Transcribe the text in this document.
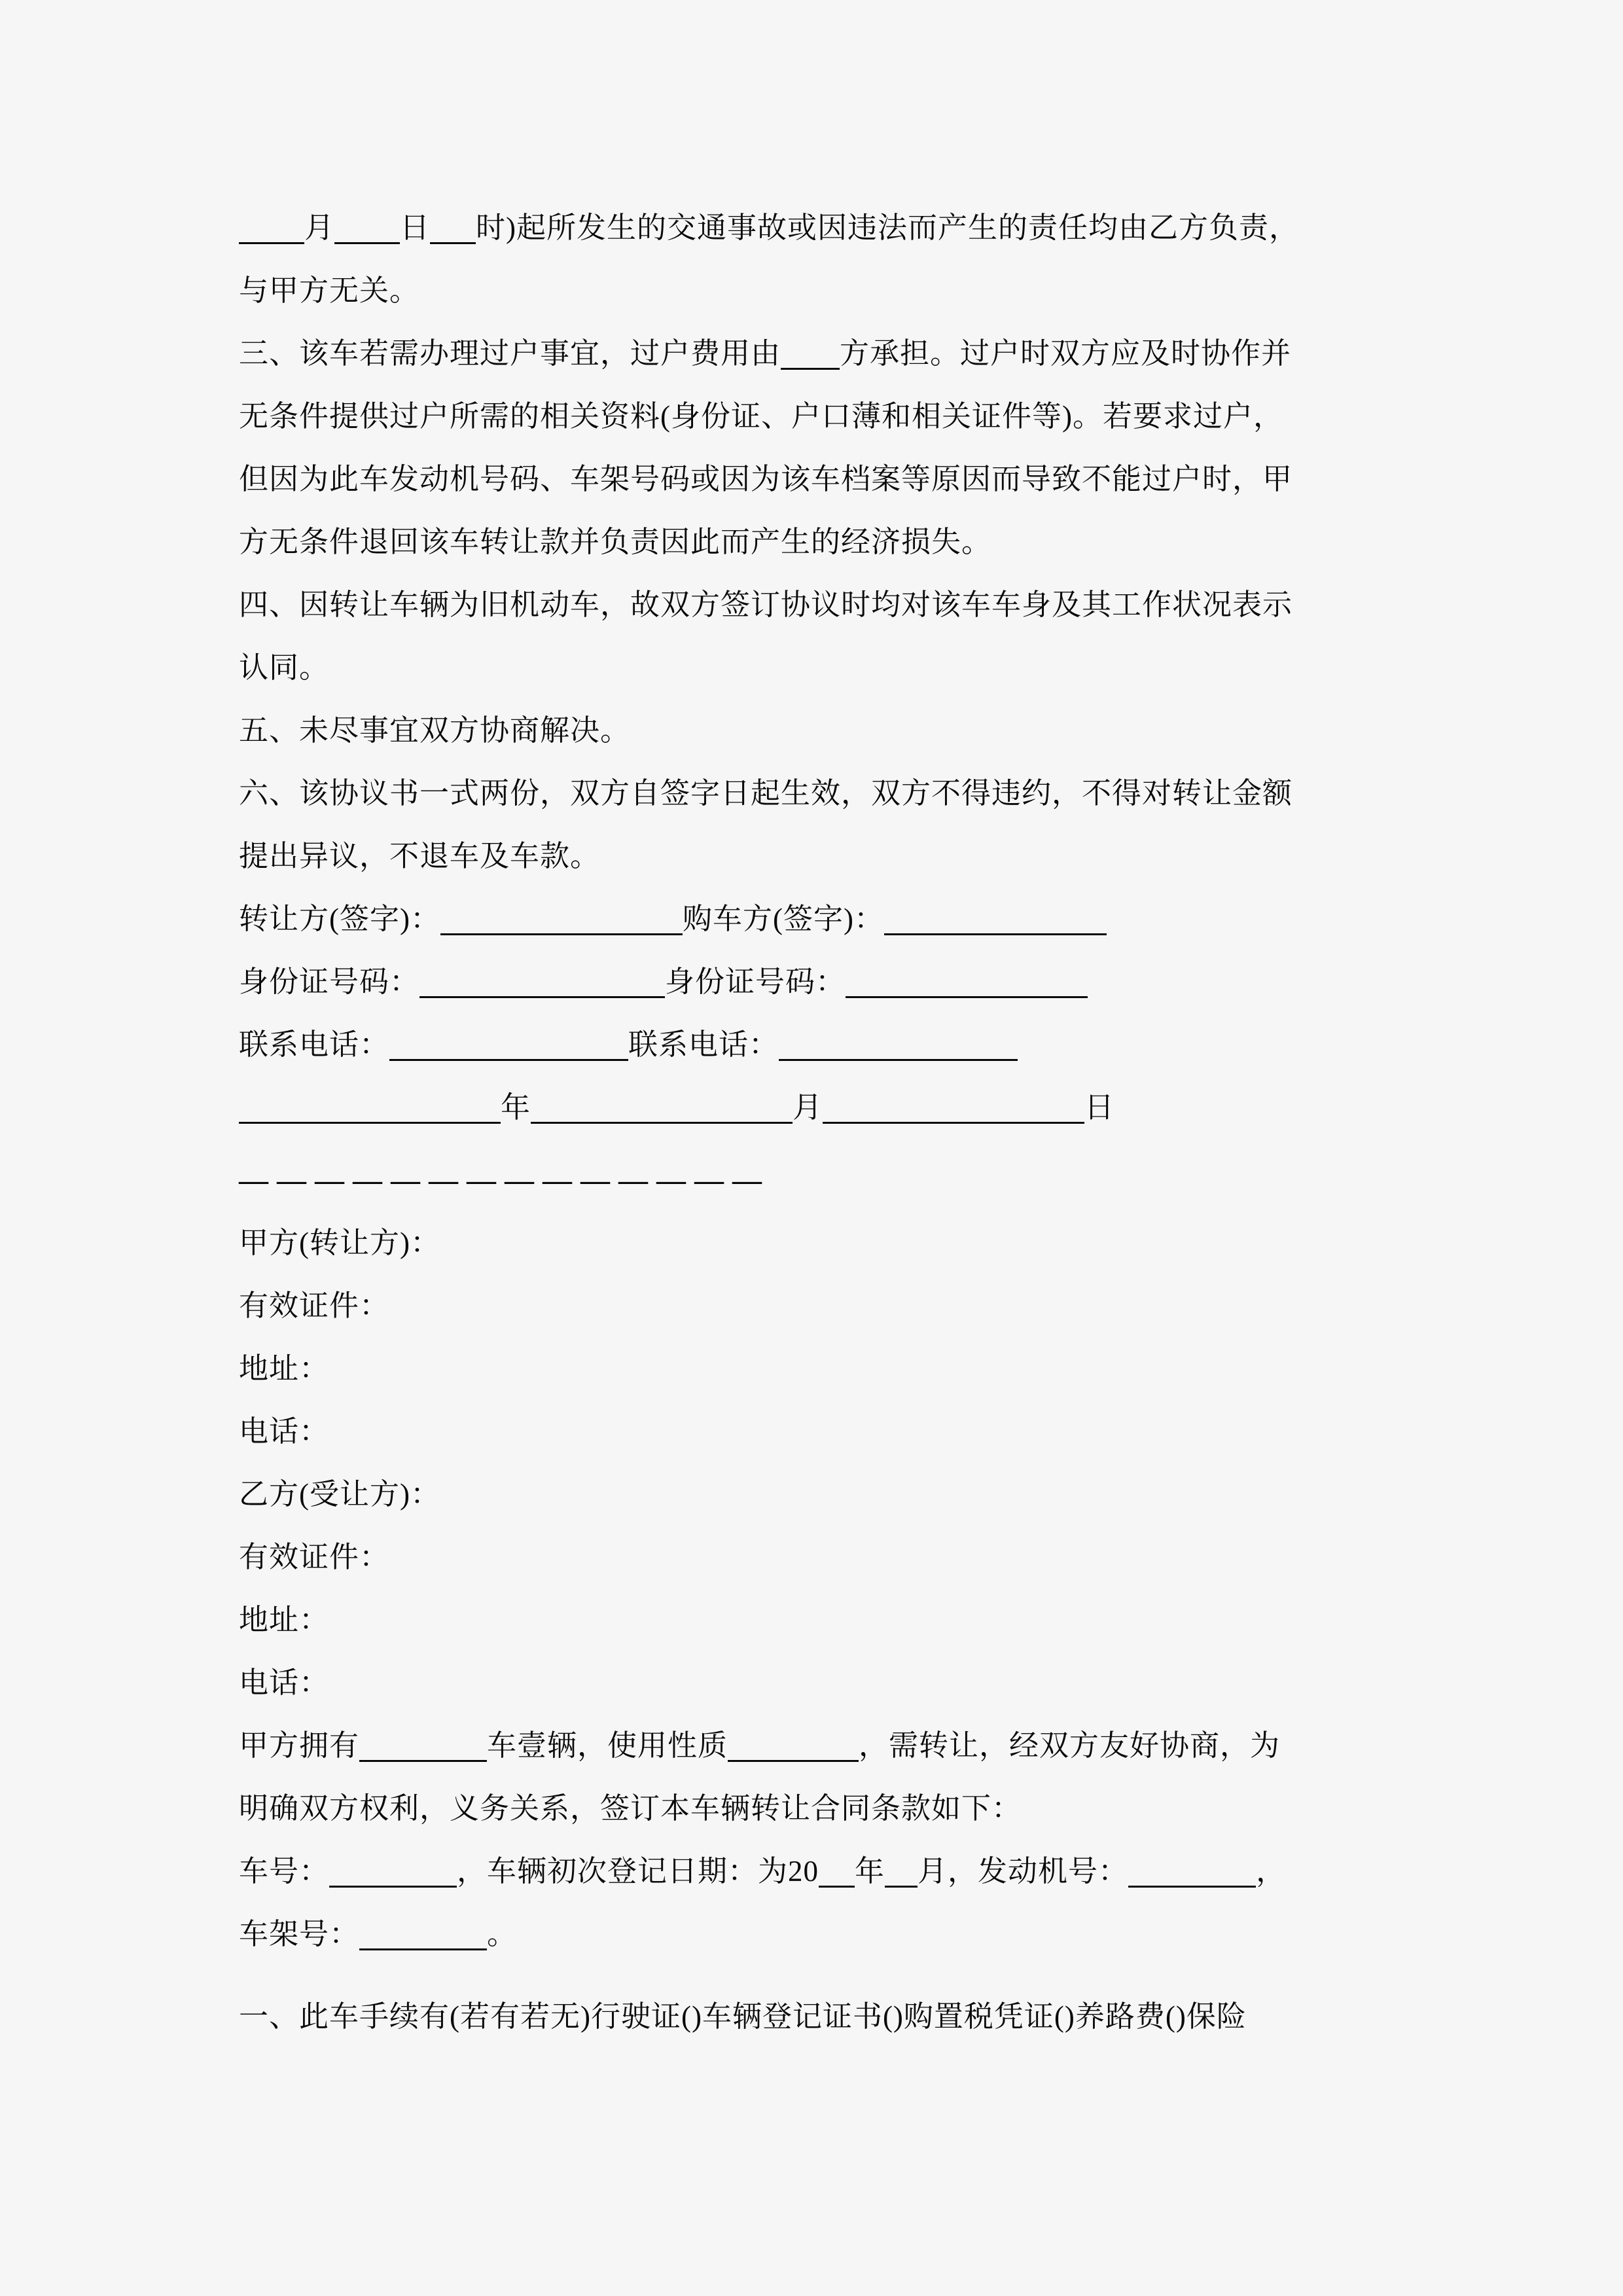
月 日 时)起所发生的交通事故或因违法而产生的责任均由乙方负责，
与甲方无关。
三、该车若需办理过户事宜，过户费用由 方承担。过户时双方应及时协作并
无条件提供过户所需的相关资料(身份证、户口薄和相关证件等)。若要求过户，
但因为此车发动机号码、车架号码或因为该车档案等原因而导致不能过户时，甲
方无条件退回该车转让款并负责因此而产生的经济损失。
四、因转让车辆为旧机动车，故双方签订协议时均对该车车身及其工作状况表示
认同。
五、未尽事宜双方协商解决。
六、该协议书一式两份，双方自签字日起生效，双方不得违约，不得对转让金额
提出异议，不退车及车款。
转让方(签字)：	购车方(签字)：
身份证号码：	身份证号码：
联系电话：	联系电话：
年	月	日
——————————————
甲方(转让方)：
有效证件：
地址：
电话：
乙方(受让方)：
有效证件：
地址：
电话：
甲方拥有	车壹辆，使用性质	，需转让，经双方友好协商，为
明确双方权利，义务关系，签订本车辆转让合同条款如下：
车号：	，车辆初次登记日期：为20 年 月，发动机号：	，
车架号：	。
一、此车手续有(若有若无)行驶证()车辆登记证书()购置税凭证()养路费()保险
